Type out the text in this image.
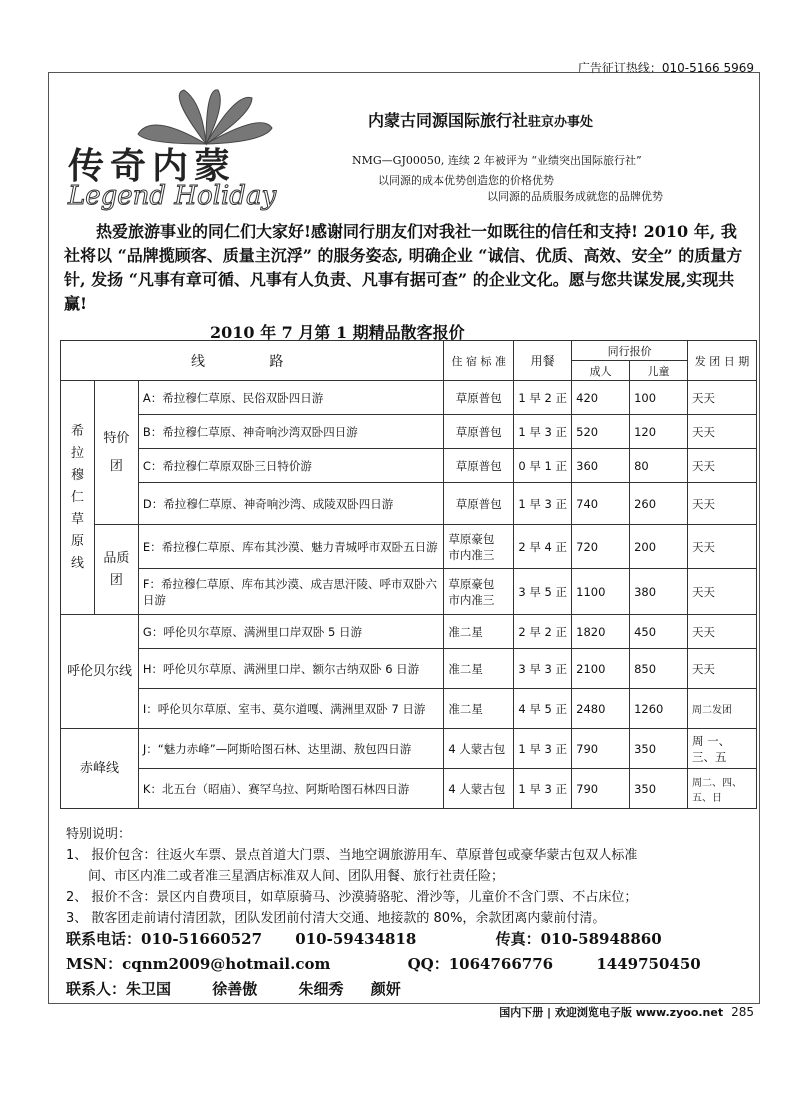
广告征订热线：010-5166 5969
传奇内蒙
Legend Holiday
内蒙古同源国际旅行社驻京办事处
NMG—GJ00050, 连续 2 年被评为 “业绩突出国际旅行社”
以同源的成本优势创造您的价格优势
以同源的品质服务成就您的品牌优势

热爱旅游事业的同仁们大家好!感谢同行朋友们对我社一如既往的信任和支持! 2010 年, 我社将以 “品牌揽顾客、质量主沉浮” 的服务姿态, 明确企业 “诚信、优质、高效、安全” 的质量方针, 发扬 “凡事有章可循、凡事有人负责、凡事有据可查” 的企业文化。愿与您共谋发展,实现共赢!

2010 年 7 月第 1 期精品散客报价
线 路			住 宿 标 准	用餐	同行报价		发 团 日 期
					成人	儿童	
希拉穆仁草原线	特价团	A：希拉穆仁草原、民俗双卧四日游	草原普包	1 早 2 正	420	100	天天
		B：希拉穆仁草原、神奇响沙湾双卧四日游	草原普包	1 早 3 正	520	120	天天
		C：希拉穆仁草原双卧三日特价游	草原普包	0 早 1 正	360	80	天天
		D：希拉穆仁草原、神奇响沙湾、成陵双卧四日游	草原普包	1 早 3 正	740	260	天天
	品质团	E：希拉穆仁草原、库布其沙漠、魅力青城呼市双卧五日游	草原豪包 市内准三	2 早 4 正	720	200	天天
		F：希拉穆仁草原、库布其沙漠、成吉思汗陵、呼市双卧六日游	草原豪包 市内准三	3 早 5 正	1100	380	天天
呼伦贝尔线		G：呼伦贝尔草原、满洲里口岸双卧 5 日游	准二星	2 早 2 正	1820	450	天天
		H：呼伦贝尔草原、满洲里口岸、额尔古纳双卧 6 日游	准二星	3 早 3 正	2100	850	天天
		I：呼伦贝尔草原、室韦、莫尔道嘎、满洲里双卧 7 日游	准二星	4 早 5 正	2480	1260	周二发团
赤峰线		J：“魅力赤峰”—阿斯哈图石林、达里湖、敖包四日游	4 人蒙古包	1 早 3 正	790	350	周 一、三、五
		K：北五台（昭庙）、赛罕乌拉、阿斯哈图石林四日游	4 人蒙古包	1 早 3 正	790	350	周二、四、五、日
特别说明：
1、 报价包含：往返火车票、景点首道大门票、当地空调旅游用车、草原普包或豪华蒙古包双人标准
间、市区内准二或者准三星酒店标准双人间、团队用餐、旅行社责任险；
2、 报价不含：景区内自费项目，如草原骑马、沙漠骑骆驼、滑沙等，儿童价不含门票、不占床位；
3、 散客团走前请付清团款，团队发团前付清大交通、地接款的 80%，余款团离内蒙前付清。
联系电话：010-51660527 010-59434818	传真：010-58948860
MSN：cqnm2009@hotmail.com	QQ：1064766776	1449750450
联系人：朱卫国	徐善傲	朱细秀 颜妍
国内下册 | 欢迎浏览电子版 www.zyoo.net 285
